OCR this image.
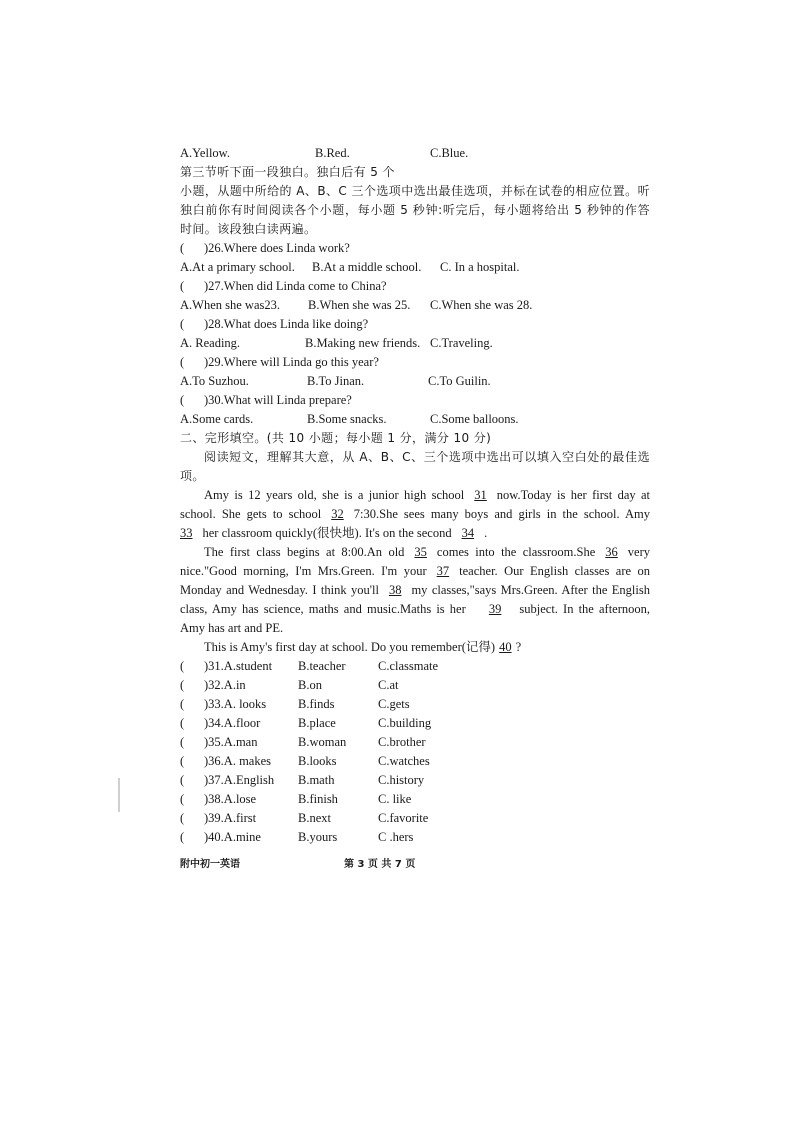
A.Yellow.	B.Red.	C.Blue.
第三节听下面一段独白。独白后有 5 个
小题，从题中所给的 A、B、C 三个选项中选出最佳选项，并标在试卷的相应位置。听独白前你有时间阅读各个小题，每小题 5 秒钟:听完后，每小题将给出 5 秒钟的作答时间。该段独白读两遍。
(	)26.Where does Linda work?
A.At a primary school.	B.At a middle school.	C. In a hospital.
(	)27.When did Linda come to China?
A.When she was23.	B.When she was 25.	C.When she was 28.
(	)28.What does Linda like doing?
A. Reading.	B.Making new friends. C.Traveling.
(	)29.Where will Linda go this year?
A.To Suzhou.	B.To Jinan.	C.To Guilin.
(	)30.What will Linda prepare?
A.Some cards.	B.Some snacks.	C.Some balloons.
二、完形填空。(共 10 小题；每小题 1 分，满分 10 分)
阅读短文，理解其大意，从 A、B、C、三个选项中选出可以填入空白处的最佳选项。
Amy is 12 years old, she is a junior high school 31 now.Today is her first day at school. She gets to school 32 7:30.She sees many boys and girls in the school. Amy 33 her classroom quickly(很快地). It's on the second 34 .
The first class begins at 8:00.An old 35 comes into the classroom.She 36 very nice."Good morning, I'm Mrs.Green. I'm your 37 teacher. Our English classes are on Monday and Wednesday. I think you'll 38 my classes,"says Mrs.Green. After the English class, Amy has science, maths and music.Maths is her 39 subject. In the afternoon, Amy has art and PE.
This is Amy's first day at school. Do you remember(记得) 40 ?
(	)31.A.student	B.teacher	C.classmate
(	)32.A.in	B.on	C.at
(	)33.A. looks	B.finds	C.gets
(	)34.A.floor	B.place	C.building
(	)35.A.man	B.woman	C.brother
(	)36.A. makes	B.looks	C.watches
(	)37.A.English	B.math	C.history
(	)38.A.lose	B.finish	C. like
(	)39.A.first	B.next	C.favorite
(	)40.A.mine	B.yours	C .hers
附中初一英语	第 3 页 共 7 页
